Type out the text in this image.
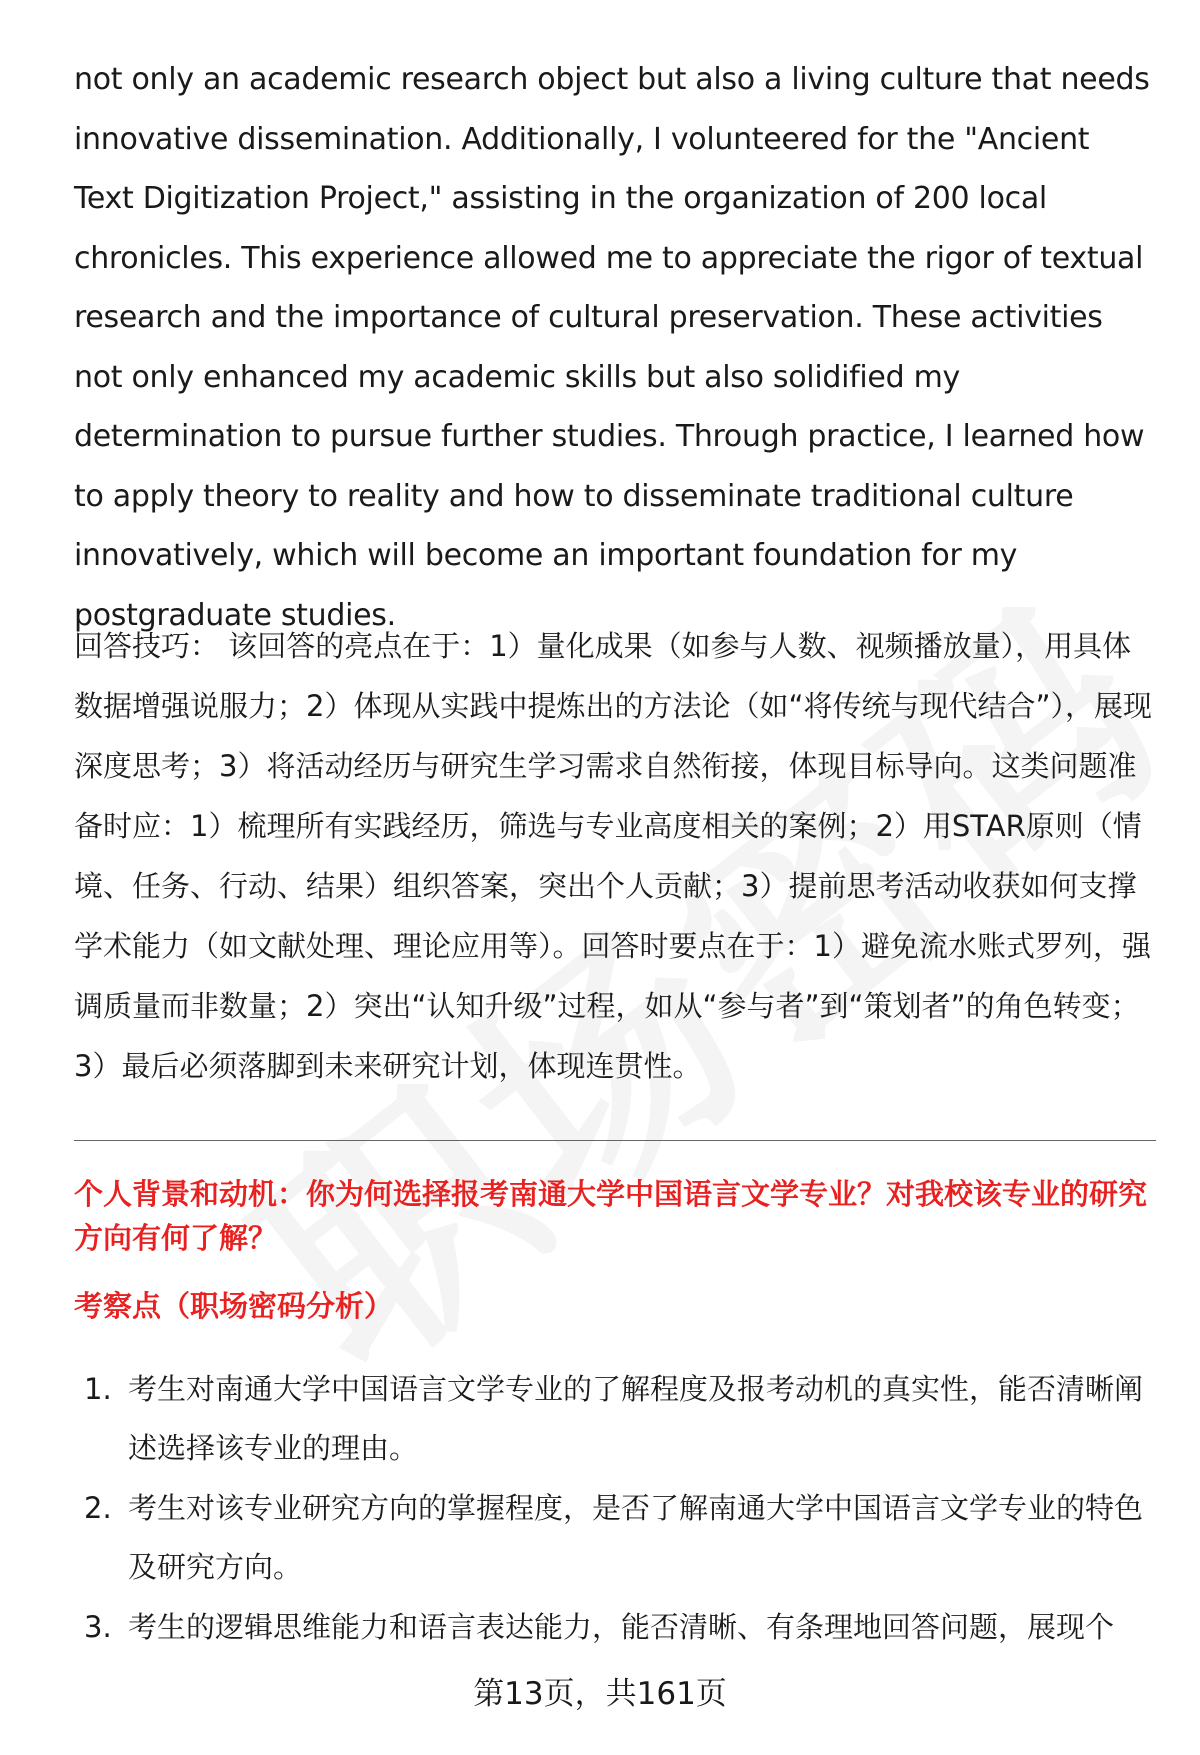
not only an academic research object but also a living culture that needs innovative dissemination. Additionally, I volunteered for the "Ancient Text Digitization Project," assisting in the organization of 200 local chronicles. This experience allowed me to appreciate the rigor of textual research and the importance of cultural preservation. These activities not only enhanced my academic skills but also solidified my determination to pursue further studies. Through practice, I learned how to apply theory to reality and how to disseminate traditional culture innovatively, which will become an important foundation for my postgraduate studies.

回答技巧： 该回答的亮点在于：1）量化成果（如参与人数、视频播放量），用具体数据增强说服力；2）体现从实践中提炼出的方法论（如“将传统与现代结合”），展现深度思考；3）将活动经历与研究生学习需求自然衔接，体现目标导向。这类问题准备时应：1）梳理所有实践经历，筛选与专业高度相关的案例；2）用STAR原则（情境、任务、行动、结果）组织答案，突出个人贡献；3）提前思考活动收获如何支撑学术能力（如文献处理、理论应用等）。回答时要点在于：1）避免流水账式罗列，强调质量而非数量；2）突出“认知升级”过程，如从“参与者”到“策划者”的角色转变；3）最后必须落脚到未来研究计划，体现连贯性。

个人背景和动机：你为何选择报考南通大学中国语言文学专业？对我校该专业的研究方向有何了解？
考察点（职场密码分析）
1. 考生对南通大学中国语言文学专业的了解程度及报考动机的真实性，能否清晰阐述选择该专业的理由。
2. 考生对该专业研究方向的掌握程度，是否了解南通大学中国语言文学专业的特色及研究方向。
3. 考生的逻辑思维能力和语言表达能力，能否清晰、有条理地回答问题，展现个
第13页，共161页
